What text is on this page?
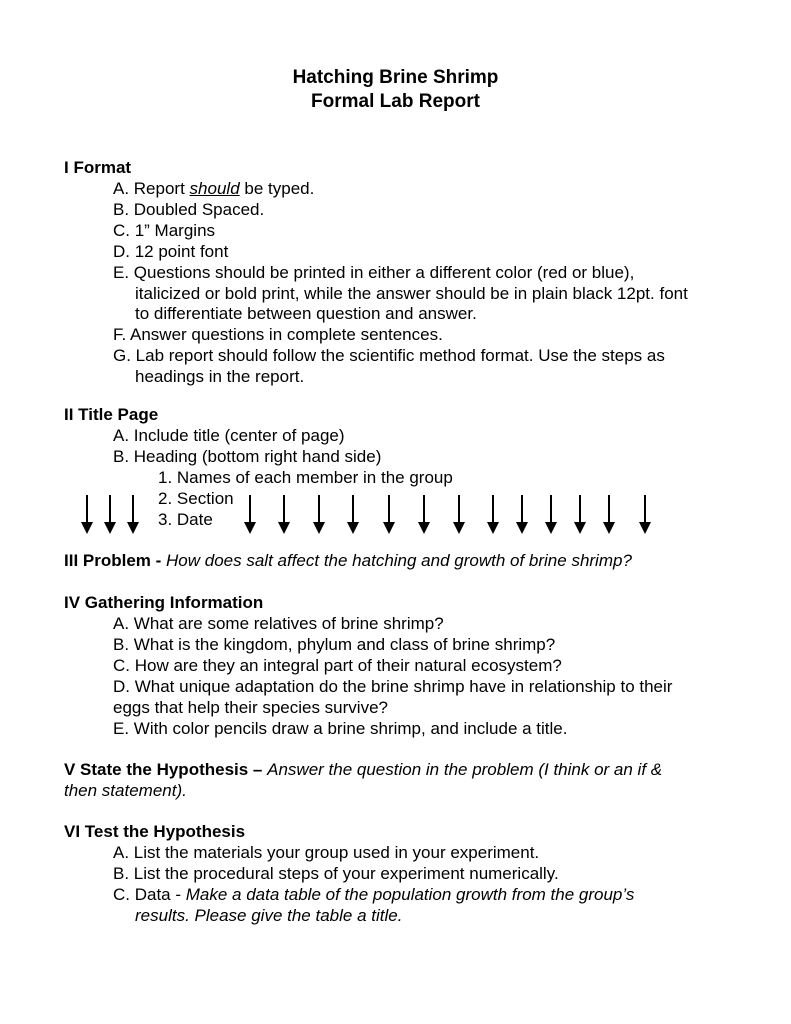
Hatching Brine Shrimp
Formal Lab Report
I Format
A. Report should be typed.
B. Doubled Spaced.
C. 1” Margins
D. 12 point font
E. Questions should be printed in either a different color (red or blue),
italicized or bold print, while the answer should be in plain black 12pt. font
to differentiate between question and answer.
F. Answer questions in complete sentences.
G. Lab report should follow the scientific method format. Use the steps as
headings in the report.
II Title Page
A. Include title (center of page)
B. Heading (bottom right hand side)
1. Names of each member in the group
2. Section
3. Date
III Problem - How does salt affect the hatching and growth of brine shrimp?
IV Gathering Information
A. What are some relatives of brine shrimp?
B. What is the kingdom, phylum and class of brine shrimp?
C. How are they an integral part of their natural ecosystem?
D. What unique adaptation do the brine shrimp have in relationship to their
eggs that help their species survive?
E. With color pencils draw a brine shrimp, and include a title.
V State the Hypothesis – Answer the question in the problem (I think or an if &
then statement).
VI Test the Hypothesis
A. List the materials your group used in your experiment.
B. List the procedural steps of your experiment numerically.
C. Data - Make a data table of the population growth from the group’s
results. Please give the table a title.
